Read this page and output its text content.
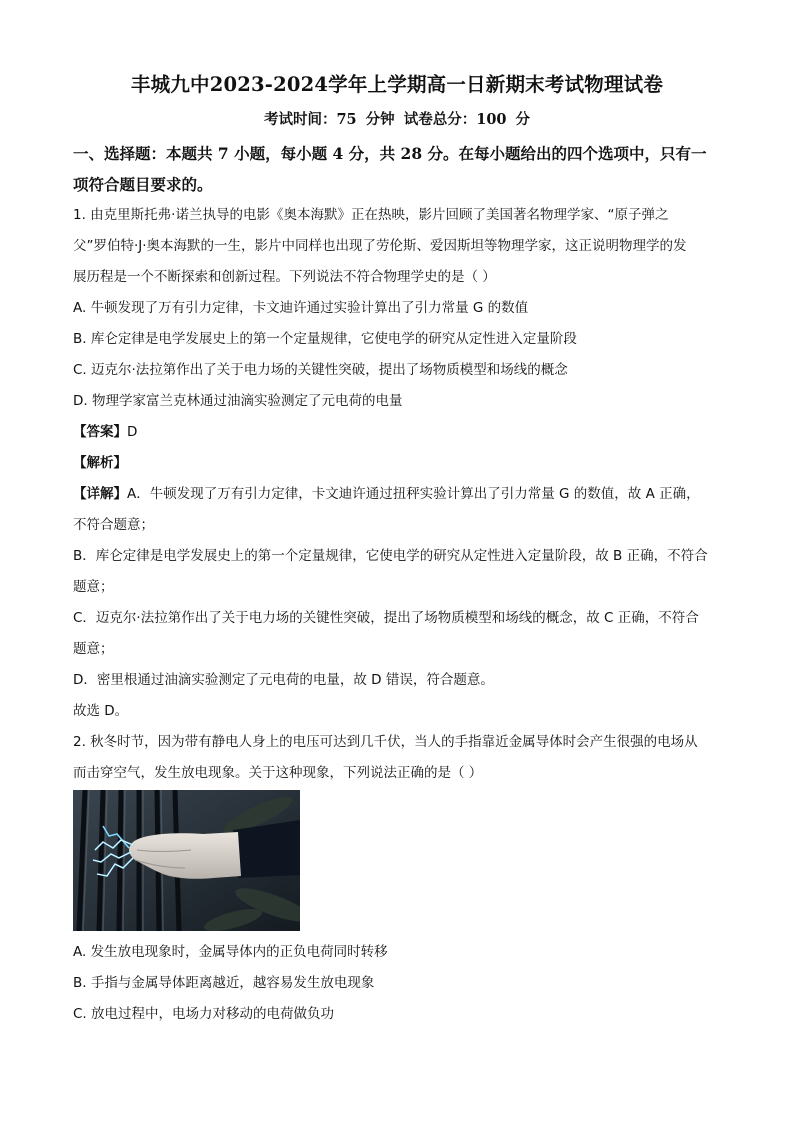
丰城九中2023-2024学年上学期高一日新期末考试物理试卷
考试时间：75 分钟 试卷总分：100 分
一、选择题：本题共 7 小题，每小题 4 分，共 28 分。在每小题给出的四个选项中，只有一
项符合题目要求的。
1. 由克里斯托弗·诺兰执导的电影《奥本海默》正在热映，影片回顾了美国著名物理学家、“原子弹之
父”罗伯特·J·奥本海默的一生，影片中同样也出现了劳伦斯、爱因斯坦等物理学家，这正说明物理学的发
展历程是一个不断探索和创新过程。下列说法不符合物理学史的是（ ）
A. 牛顿发现了万有引力定律，卡文迪许通过实验计算出了引力常量 G 的数值
B. 库仑定律是电学发展史上的第一个定量规律，它使电学的研究从定性进入定量阶段
C. 迈克尔·法拉第作出了关于电力场的关键性突破，提出了场物质模型和场线的概念
D. 物理学家富兰克林通过油滴实验测定了元电荷的电量
【答案】D
【解析】
【详解】A．牛顿发现了万有引力定律，卡文迪许通过扭秤实验计算出了引力常量 G 的数值，故 A 正确，
不符合题意；
B．库仑定律是电学发展史上的第一个定量规律，它使电学的研究从定性进入定量阶段，故 B 正确，不符合
题意；
C．迈克尔·法拉第作出了关于电力场的关键性突破，提出了场物质模型和场线的概念，故 C 正确，不符合
题意；
D．密里根通过油滴实验测定了元电荷的电量，故 D 错误，符合题意。
故选 D。
2. 秋冬时节，因为带有静电人身上的电压可达到几千伏，当人的手指靠近金属导体时会产生很强的电场从
而击穿空气，发生放电现象。关于这种现象，下列说法正确的是（ ）
A. 发生放电现象时，金属导体内的正负电荷同时转移
B. 手指与金属导体距离越近，越容易发生放电现象
C. 放电过程中，电场力对移动的电荷做负功
